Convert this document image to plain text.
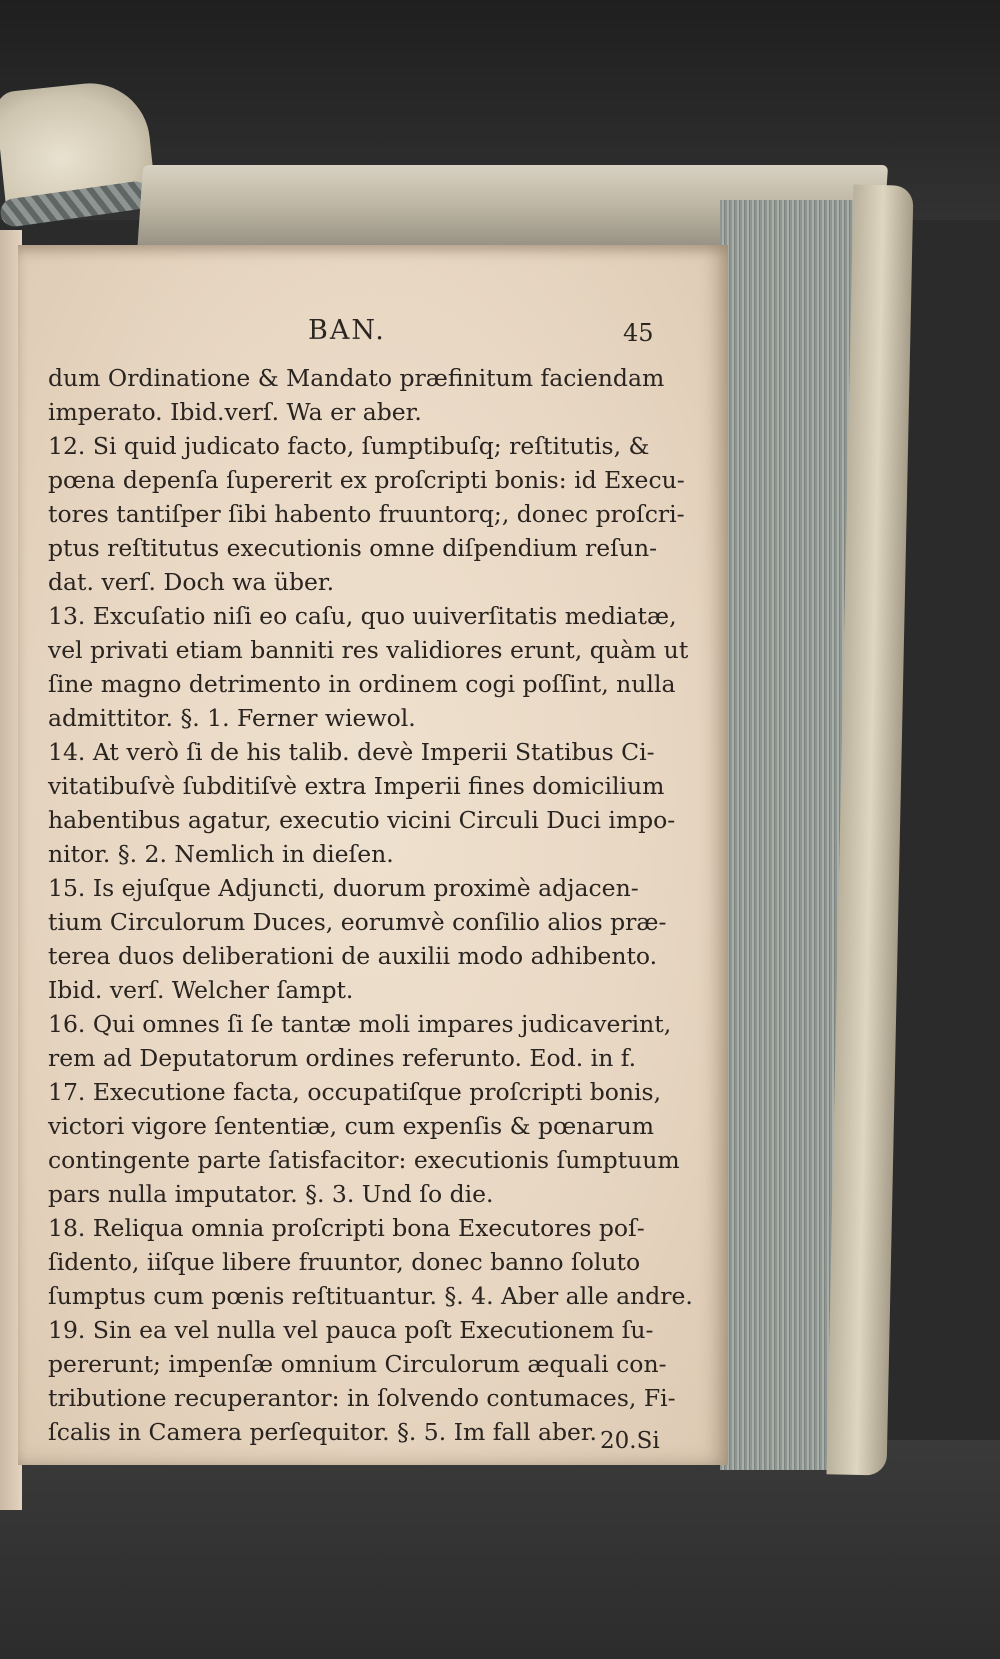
BAN.	45
dum Ordinatione & Mandato præfinitum faciendam
imperato. Ibid.verſ. Wa er aber.
12. Si quid judicato facto, ſumptibuſq; reſtitutis, &
pœna depenſa ſupererit ex proſcripti bonis: id Execu-
tores tantiſper ſibi habento fruuntorq;, donec proſcri-
ptus reſtitutus executionis omne diſpendium reſun-
dat. verſ. Doch wa über.
13. Excuſatio niſi eo caſu, quo uuiverſitatis mediatæ,
vel privati etiam banniti res validiores erunt, quàm ut
ſine magno detrimento in ordinem cogi poſſint, nulla
admittitor. §. 1. Ferner wiewol.
14. At verò ſi de his talib. devè Imperii Statibus Ci-
vitatibuſvè ſubditiſvè extra Imperii fines domicilium
habentibus agatur, executio vicini Circuli Duci impo-
nitor. §. 2. Nemlich in dieſen.
15. Is ejuſque Adjuncti, duorum proximè adjacen-
tium Circulorum Duces, eorumvè conſilio alios præ-
terea duos deliberationi de auxilii modo adhibento.
Ibid. verſ. Welcher ſampt.
16. Qui omnes ſi ſe tantæ moli impares judicaverint,
rem ad Deputatorum ordines referunto. Eod. in f.
17. Executione facta, occupatiſque proſcripti bonis,
victori vigore ſententiæ, cum expenſis & pœnarum
contingente parte ſatisfacitor: executionis ſumptuum
pars nulla imputator. §. 3. Und ſo die.
18. Reliqua omnia proſcripti bona Executores poſ-
ſidento, iiſque libere fruuntor, donec banno ſoluto
ſumptus cum pœnis reſtituantur. §. 4. Aber alle andre.
19. Sin ea vel nulla vel pauca poſt Executionem ſu-
pererunt; impenſæ omnium Circulorum æquali con-
tributione recuperantor: in ſolvendo contumaces, Fi-
ſcalis in Camera perſequitor. §. 5. Im fall aber. 20.Si
